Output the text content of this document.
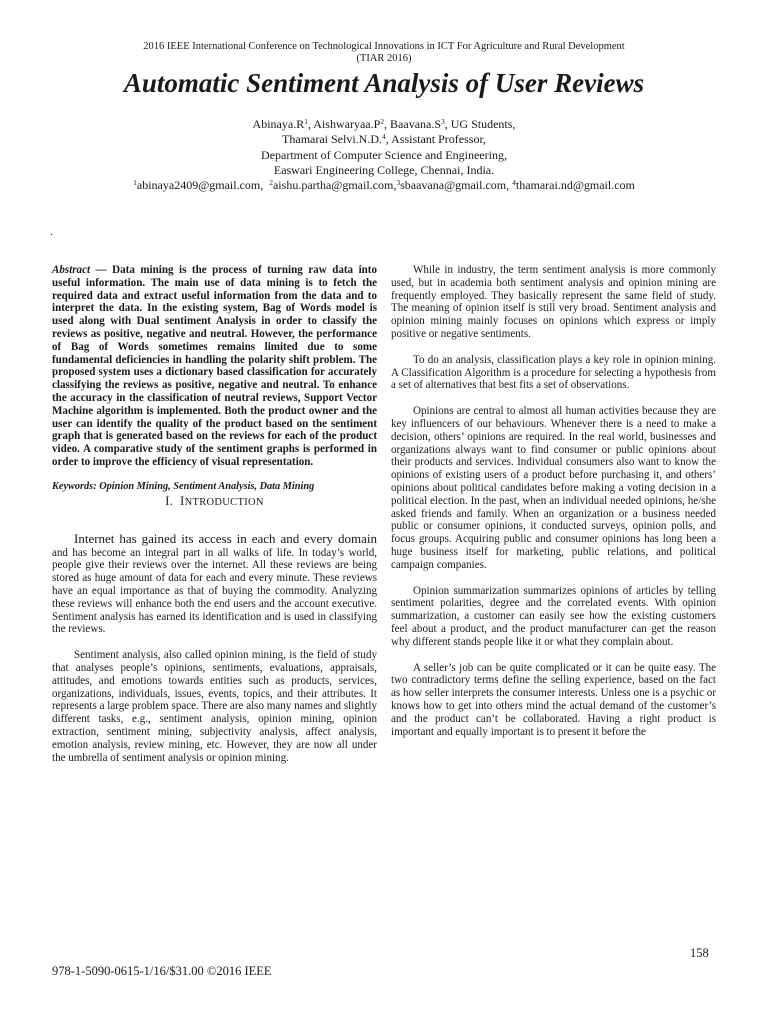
2016 IEEE International Conference on Technological Innovations in ICT For Agriculture and Rural Development
(TIAR 2016)
Automatic Sentiment Analysis of User Reviews
$Abinaya.R^1$, $Aishwaryaa.P^2$, $Baavana.S^3$, UG Students,
Thamarai Selvi.N.D.$^4$, Assistant Professor,
Department of Computer Science and Engineering,
Easwari Engineering College, Chennai, India.
$^1$abinaya2409@gmail.com, $^2$aishu.partha@gmail.com,$^3$sbaavana@gmail.com, $^4$thamarai.nd@gmail.com
.

Abstract — Data mining is the process of turning raw data into useful information. The main use of data mining is to fetch the required data and extract useful information from the data and to interpret the data. In the existing system, Bag of Words model is used along with Dual sentiment Analysis in order to classify the reviews as positive, negative and neutral. However, the performance of Bag of Words sometimes remains limited due to some fundamental deficiencies in handling the polarity shift problem. The proposed system uses a dictionary based classification for accurately classifying the reviews as positive, negative and neutral. To enhance the accuracy in the classification of neutral reviews, Support Vector Machine algorithm is implemented. Both the product owner and the user can identify the quality of the product based on the sentiment graph that is generated based on the reviews for each of the product video. A comparative study of the sentiment graphs is performed in order to improve the efficiency of visual representation.

Keywords: Opinion Mining, Sentiment Analysis, Data Mining

I. INTRODUCTION

Internet has gained its access in each and every domain and has become an integral part in all walks of life. In today’s world, people give their reviews over the internet. All these reviews are being stored as huge amount of data for each and every minute. These reviews have an equal importance as that of buying the commodity. Analyzing these reviews will enhance both the end users and the account executive. Sentiment analysis has earned its identification and is used in classifying the reviews.

Sentiment analysis, also called opinion mining, is the field of study that analyses people’s opinions, sentiments, evaluations, appraisals, attitudes, and emotions towards entities such as products, services, organizations, individuals, issues, events, topics, and their attributes. It represents a large problem space. There are also many names and slightly different tasks, e.g., sentiment analysis, opinion mining, opinion extraction, sentiment mining, subjectivity analysis, affect analysis, emotion analysis, review mining, etc. However, they are now all under the umbrella of sentiment analysis or opinion mining.

While in industry, the term sentiment analysis is more commonly used, but in academia both sentiment analysis and opinion mining are frequently employed. They basically represent the same field of study. The meaning of opinion itself is still very broad. Sentiment analysis and opinion mining mainly focuses on opinions which express or imply positive or negative sentiments.

To do an analysis, classification plays a key role in opinion mining. A Classification Algorithm is a procedure for selecting a hypothesis from a set of alternatives that best fits a set of observations.

Opinions are central to almost all human activities because they are key influencers of our behaviours. Whenever there is a need to make a decision, others’ opinions are required. In the real world, businesses and organizations always want to find consumer or public opinions about their products and services. Individual consumers also want to know the opinions of existing users of a product before purchasing it, and others’ opinions about political candidates before making a voting decision in a political election. In the past, when an individual needed opinions, he/she asked friends and family. When an organization or a business needed public or consumer opinions, it conducted surveys, opinion polls, and focus groups. Acquiring public and consumer opinions has long been a huge business itself for marketing, public relations, and political campaign companies.

Opinion summarization summarizes opinions of articles by telling sentiment polarities, degree and the correlated events. With opinion summarization, a customer can easily see how the existing customers feel about a product, and the product manufacturer can get the reason why different stands people like it or what they complain about.

A seller’s job can be quite complicated or it can be quite easy. The two contradictory terms define the selling experience, based on the fact as how seller interprets the consumer interests. Unless one is a psychic or knows how to get into others mind the actual demand of the customer’s and the product can’t be collaborated. Having a right product is important and equally important is to present it before the

158
978-1-5090-0615-1/16/$31.00 ©2016 IEEE
